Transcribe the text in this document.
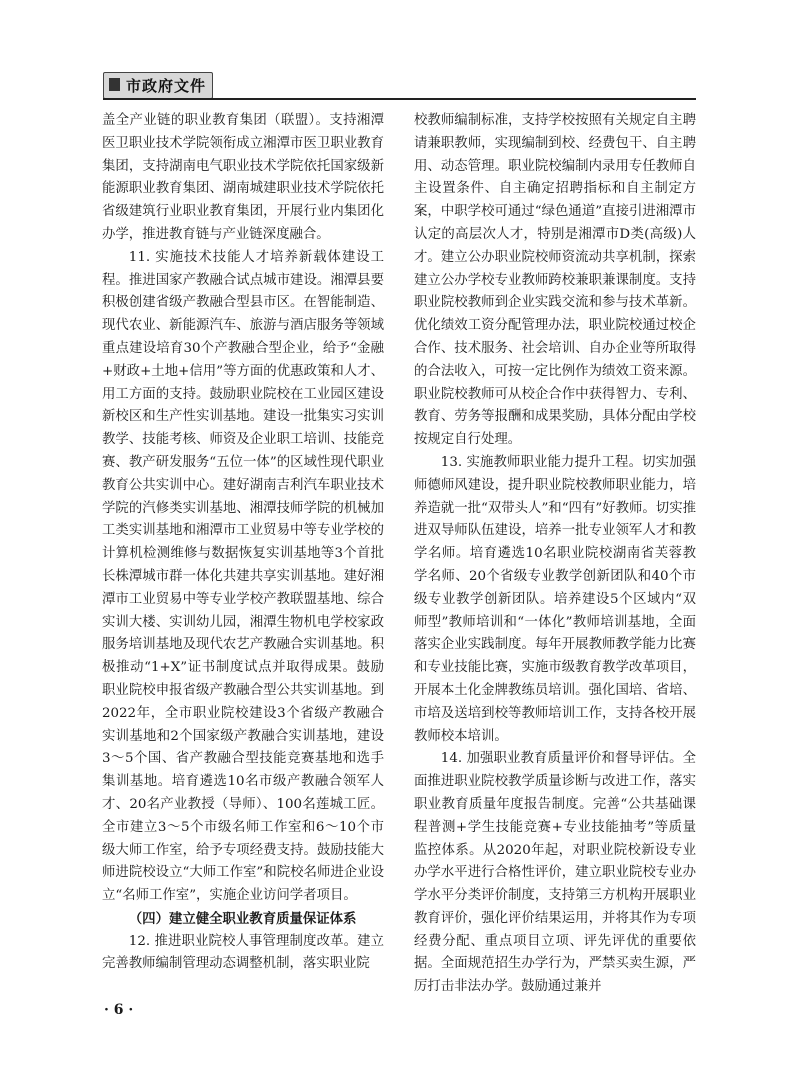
市政府文件

盖全产业链的职业教育集团（联盟）。支持湘潭医卫职业技术学院领衔成立湘潭市医卫职业教育集团，支持湖南电气职业技术学院依托国家级新能源职业教育集团、湖南城建职业技术学院依托省级建筑行业职业教育集团，开展行业内集团化办学，推进教育链与产业链深度融合。

11. 实施技术技能人才培养新载体建设工程。推进国家产教融合试点城市建设。湘潭县要积极创建省级产教融合型县市区。在智能制造、现代农业、新能源汽车、旅游与酒店服务等领域重点建设培育30个产教融合型企业，给予“金融+财政+土地+信用”等方面的优惠政策和人才、用工方面的支持。鼓励职业院校在工业园区建设新校区和生产性实训基地。建设一批集实习实训教学、技能考核、师资及企业职工培训、技能竞赛、教产研发服务“五位一体”的区域性现代职业教育公共实训中心。建好湖南吉利汽车职业技术学院的汽修类实训基地、湘潭技师学院的机械加工类实训基地和湘潭市工业贸易中等专业学校的计算机检测维修与数据恢复实训基地等3个首批长株潭城市群一体化共建共享实训基地。建好湘潭市工业贸易中等专业学校产教联盟基地、综合实训大楼、实训幼儿园，湘潭生物机电学校家政服务培训基地及现代农艺产教融合实训基地。积极推动“1+X”证书制度试点并取得成果。鼓励职业院校申报省级产教融合型公共实训基地。到2022年，全市职业院校建设3个省级产教融合实训基地和2个国家级产教融合实训基地，建设3～5个国、省产教融合型技能竞赛基地和选手集训基地。培育遴选10名市级产教融合领军人才、20名产业教授（导师）、100名莲城工匠。全市建立3～5个市级名师工作室和6～10个市级大师工作室，给予专项经费支持。鼓励技能大师进院校设立“大师工作室”和院校名师进企业设立“名师工作室”，实施企业访问学者项目。

（四）建立健全职业教育质量保证体系

12. 推进职业院校人事管理制度改革。建立完善教师编制管理动态调整机制，落实职业院

校教师编制标准，支持学校按照有关规定自主聘请兼职教师，实现编制到校、经费包干、自主聘用、动态管理。职业院校编制内录用专任教师自主设置条件、自主确定招聘指标和自主制定方案，中职学校可通过“绿色通道”直接引进湘潭市认定的高层次人才，特别是湘潭市D类(高级)人才。建立公办职业院校师资流动共享机制，探索建立公办学校专业教师跨校兼职兼课制度。支持职业院校教师到企业实践交流和参与技术革新。优化绩效工资分配管理办法，职业院校通过校企合作、技术服务、社会培训、自办企业等所取得的合法收入，可按一定比例作为绩效工资来源。职业院校教师可从校企合作中获得智力、专利、教育、劳务等报酬和成果奖励，具体分配由学校按规定自行处理。

13. 实施教师职业能力提升工程。切实加强师德师风建设，提升职业院校教师职业能力，培养造就一批“双带头人”和“四有”好教师。切实推进双导师队伍建设，培养一批专业领军人才和教学名师。培育遴选10名职业院校湖南省芙蓉教学名师、20个省级专业教学创新团队和40个市级专业教学创新团队。培养建设5个区域内“双师型”教师培训和“一体化”教师培训基地，全面落实企业实践制度。每年开展教师教学能力比赛和专业技能比赛，实施市级教育教学改革项目，开展本土化金牌教练员培训。强化国培、省培、市培及送培到校等教师培训工作，支持各校开展教师校本培训。

14. 加强职业教育质量评价和督导评估。全面推进职业院校教学质量诊断与改进工作，落实职业教育质量年度报告制度。完善“公共基础课程普测+学生技能竞赛+专业技能抽考”等质量监控体系。从2020年起，对职业院校新设专业办学水平进行合格性评价，建立职业院校专业办学水平分类评价制度，支持第三方机构开展职业教育评价，强化评价结果运用，并将其作为专项经费分配、重点项目立项、评先评优的重要依据。全面规范招生办学行为，严禁买卖生源，严厉打击非法办学。鼓励通过兼并

· 6 ·
